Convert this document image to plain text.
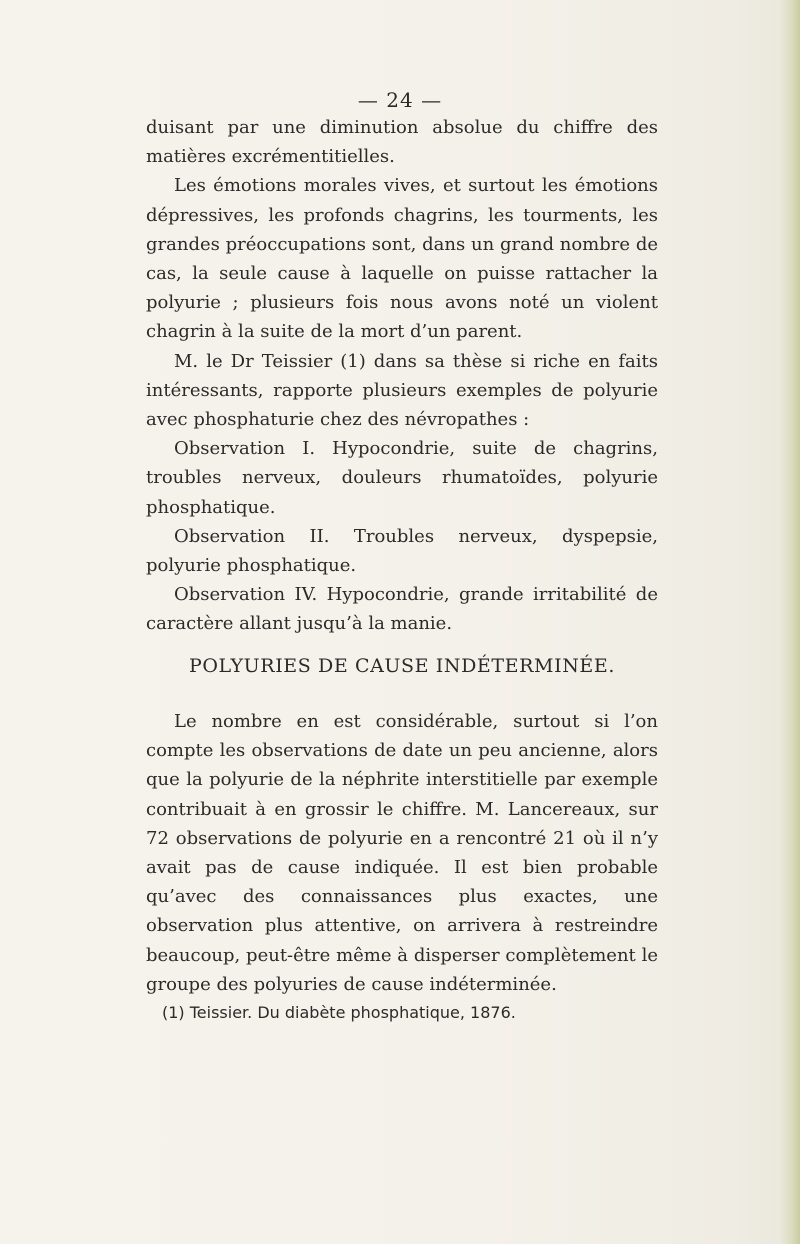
— 24 —

duisant par une diminution absolue du chiffre des matières excrémentitielles.

Les émotions morales vives, et surtout les émotions dépressives, les profonds chagrins, les tourments, les grandes préoccupations sont, dans un grand nombre de cas, la seule cause à laquelle on puisse rattacher la polyurie ; plusieurs fois nous avons noté un violent chagrin à la suite de la mort d’un parent.

M. le Dr Teissier (1) dans sa thèse si riche en faits intéressants, rapporte plusieurs exemples de polyurie avec phosphaturie chez des névropathes :

Observation I. Hypocondrie, suite de chagrins, troubles nerveux, douleurs rhumatoïdes, polyurie phosphatique.

Observation II. Troubles nerveux, dyspepsie, polyurie phosphatique.

Observation IV. Hypocondrie, grande irritabilité de caractère allant jusqu’à la manie.

POLYURIES DE CAUSE INDÉTERMINÉE.

Le nombre en est considérable, surtout si l’on compte les observations de date un peu ancienne, alors que la polyurie de la néphrite interstitielle par exemple contribuait à en grossir le chiffre. M. Lancereaux, sur 72 observations de polyurie en a rencontré 21 où il n’y avait pas de cause indiquée. Il est bien probable qu’avec des connaissances plus exactes, une observation plus attentive, on arrivera à restreindre beaucoup, peut-être même à disperser complètement le groupe des polyuries de cause indéterminée.

(1) Teissier. Du diabète phosphatique, 1876.
